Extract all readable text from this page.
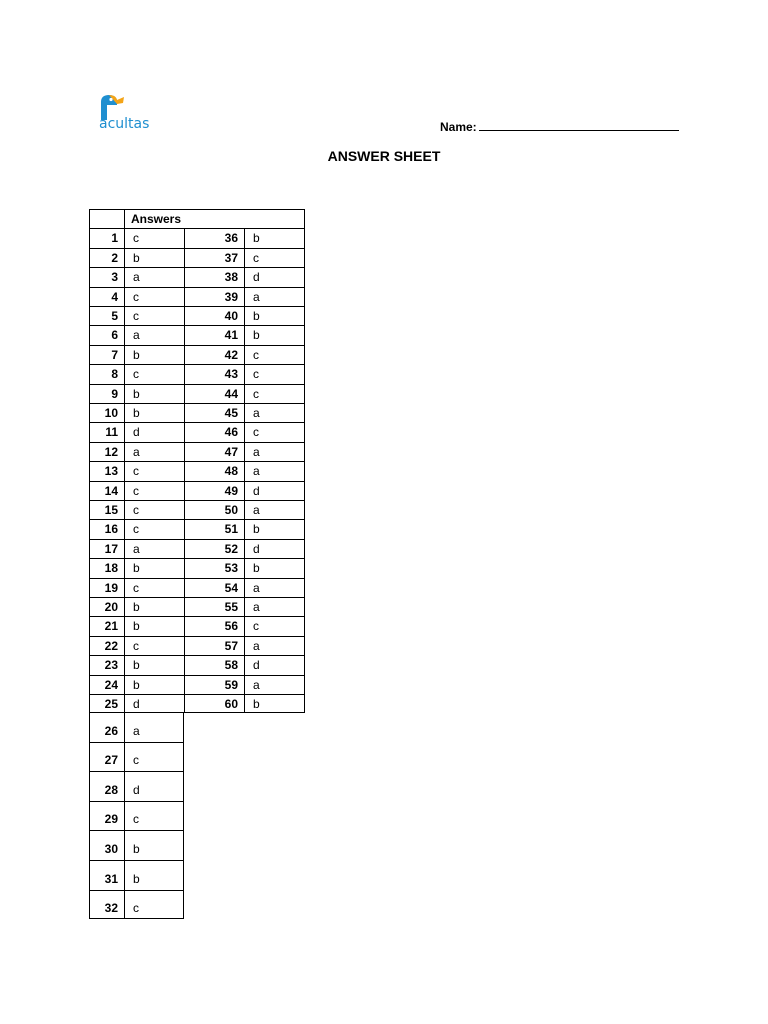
acultas	Name:
ANSWER SHEET
Answers
1	c	36	b
2	b	37	c
3	a	38	d
4	c	39	a
5	c	40	b
6	a	41	b
7	b	42	c
8	c	43	c
9	b	44	c
10	b	45	a
11	d	46	c
12	a	47	a
13	c	48	a
14	c	49	d
15	c	50	a
16	c	51	b
17	a	52	d
18	b	53	b
19	c	54	a
20	b	55	a
21	b	56	c
22	c	57	a
23	b	58	d
24	b	59	a
25	d	60	b
26	a
27	c
28	d
29	c
30	b
31	b
32	c
